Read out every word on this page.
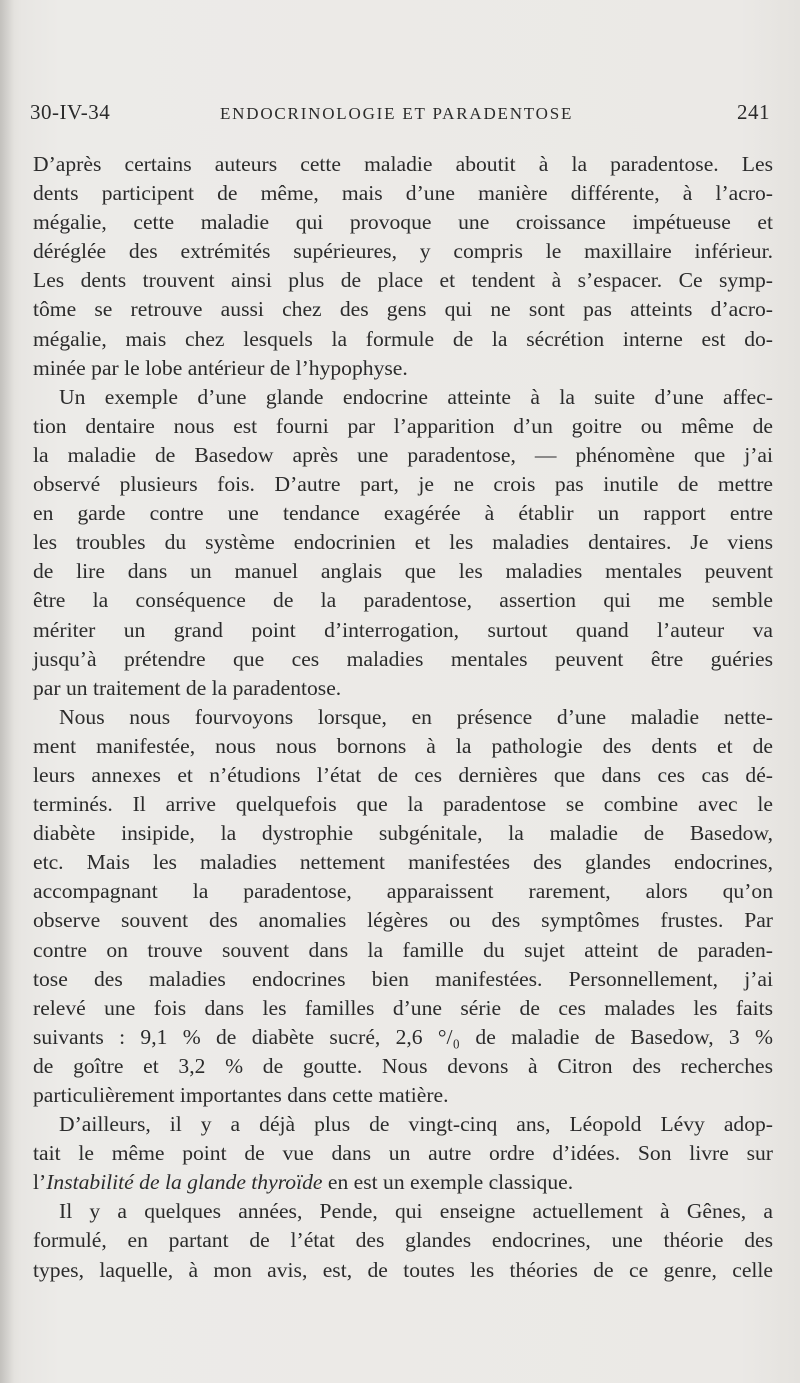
30-IV-34	ENDOCRINOLOGIE ET PARADENTOSE	241

D’après certains auteurs cette maladie aboutit à la paradentose. Les

dents participent de même, mais d’une manière différente, à l’acro-

mégalie, cette maladie qui provoque une croissance impétueuse et

déréglée des extrémités supérieures, y compris le maxillaire inférieur.

Les dents trouvent ainsi plus de place et tendent à s’espacer. Ce symp-

tôme se retrouve aussi chez des gens qui ne sont pas atteints d’acro-

mégalie, mais chez lesquels la formule de la sécrétion interne est do-

minée par le lobe antérieur de l’hypophyse.

Un exemple d’une glande endocrine atteinte à la suite d’une affec-

tion dentaire nous est fourni par l’apparition d’un goitre ou même de

la maladie de Basedow après une paradentose, — phénomène que j’ai

observé plusieurs fois. D’autre part, je ne crois pas inutile de mettre

en garde contre une tendance exagérée à établir un rapport entre

les troubles du système endocrinien et les maladies dentaires. Je viens

de lire dans un manuel anglais que les maladies mentales peuvent

être la conséquence de la paradentose, assertion qui me semble

mériter un grand point d’interrogation, surtout quand l’auteur va

jusqu’à prétendre que ces maladies mentales peuvent être guéries

par un traitement de la paradentose.

Nous nous fourvoyons lorsque, en présence d’une maladie nette-

ment manifestée, nous nous bornons à la pathologie des dents et de

leurs annexes et n’étudions l’état de ces dernières que dans ces cas dé-

terminés. Il arrive quelquefois que la paradentose se combine avec le

diabète insipide, la dystrophie subgénitale, la maladie de Basedow,

etc. Mais les maladies nettement manifestées des glandes endocrines,

accompagnant la paradentose, apparaissent rarement, alors qu’on

observe souvent des anomalies légères ou des symptômes frustes. Par

contre on trouve souvent dans la famille du sujet atteint de paraden-

tose des maladies endocrines bien manifestées. Personnellement, j’ai

relevé une fois dans les familles d’une série de ces malades les faits

suivants : 9,1 % de diabète sucré, 2,6 °/₀ de maladie de Basedow, 3 %

de goître et 3,2 % de goutte. Nous devons à Citron des recherches

particulièrement importantes dans cette matière.

D’ailleurs, il y a déjà plus de vingt-cinq ans, Léopold Lévy adop-

tait le même point de vue dans un autre ordre d’idées. Son livre sur

l’Instabilité de la glande thyroïde en est un exemple classique.

Il y a quelques années, Pende, qui enseigne actuellement à Gênes, a

formulé, en partant de l’état des glandes endocrines, une théorie des

types, laquelle, à mon avis, est, de toutes les théories de ce genre, celle
